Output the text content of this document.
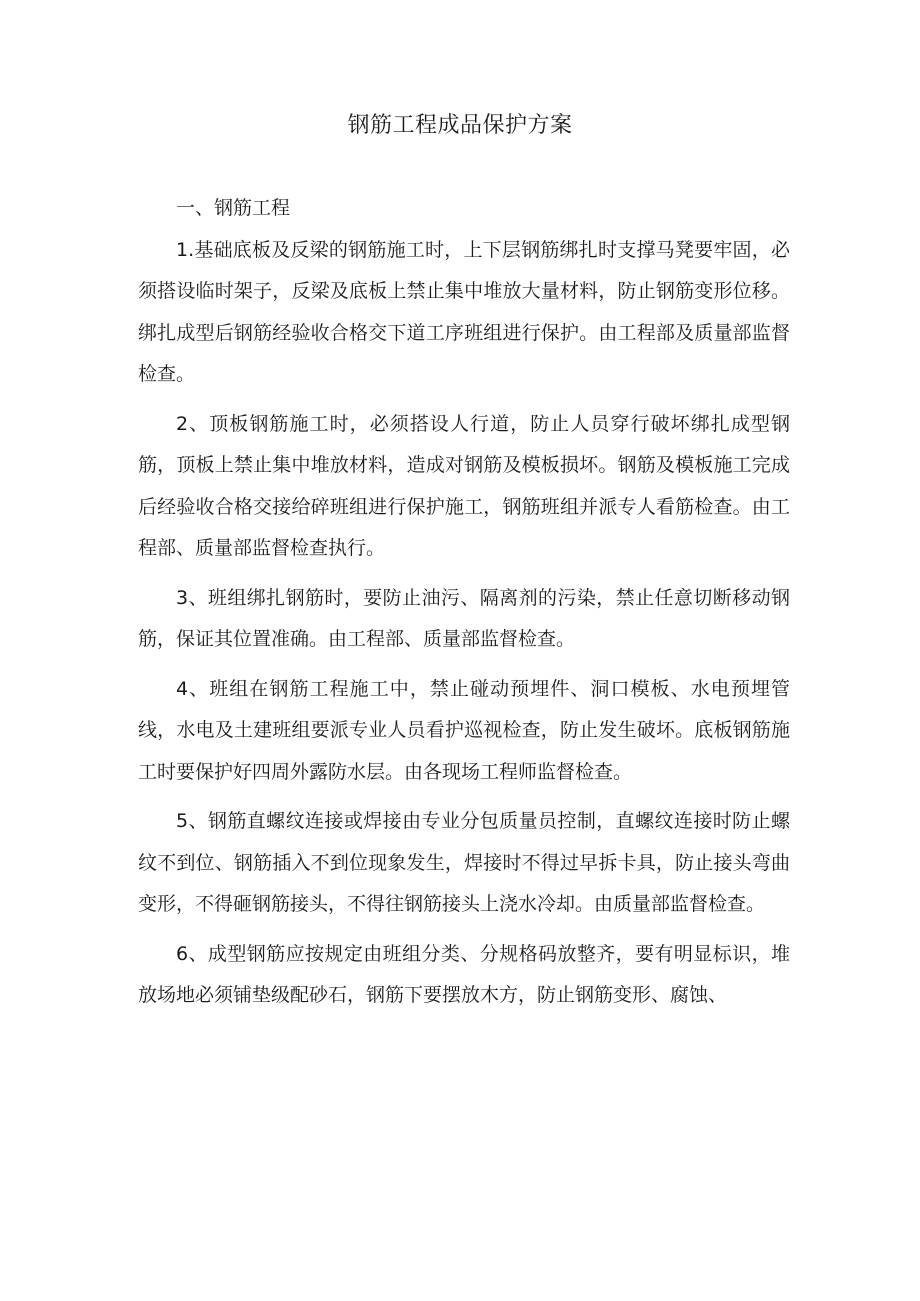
钢筋工程成品保护方案
一、钢筋工程

1.基础底板及反梁的钢筋施工时，上下层钢筋绑扎时支撑马凳要牢固，必须搭设临时架子，反梁及底板上禁止集中堆放大量材料，防止钢筋变形位移。绑扎成型后钢筋经验收合格交下道工序班组进行保护。由工程部及质量部监督检查。

2、顶板钢筋施工时，必须搭设人行道，防止人员穿行破坏绑扎成型钢筋，顶板上禁止集中堆放材料，造成对钢筋及模板损坏。钢筋及模板施工完成后经验收合格交接给碎班组进行保护施工，钢筋班组并派专人看筋检查。由工程部、质量部监督检查执行。

3、班组绑扎钢筋时，要防止油污、隔离剂的污染，禁止任意切断移动钢筋，保证其位置准确。由工程部、质量部监督检查。

4、班组在钢筋工程施工中，禁止碰动预埋件、洞口模板、水电预埋管线，水电及土建班组要派专业人员看护巡视检查，防止发生破坏。底板钢筋施工时要保护好四周外露防水层。由各现场工程师监督检查。

5、钢筋直螺纹连接或焊接由专业分包质量员控制，直螺纹连接时防止螺纹不到位、钢筋插入不到位现象发生，焊接时不得过早拆卡具，防止接头弯曲变形，不得砸钢筋接头，不得往钢筋接头上浇水冷却。由质量部监督检查。

6、成型钢筋应按规定由班组分类、分规格码放整齐，要有明显标识，堆放场地必须铺垫级配砂石，钢筋下要摆放木方，防止钢筋变形、腐蚀、
